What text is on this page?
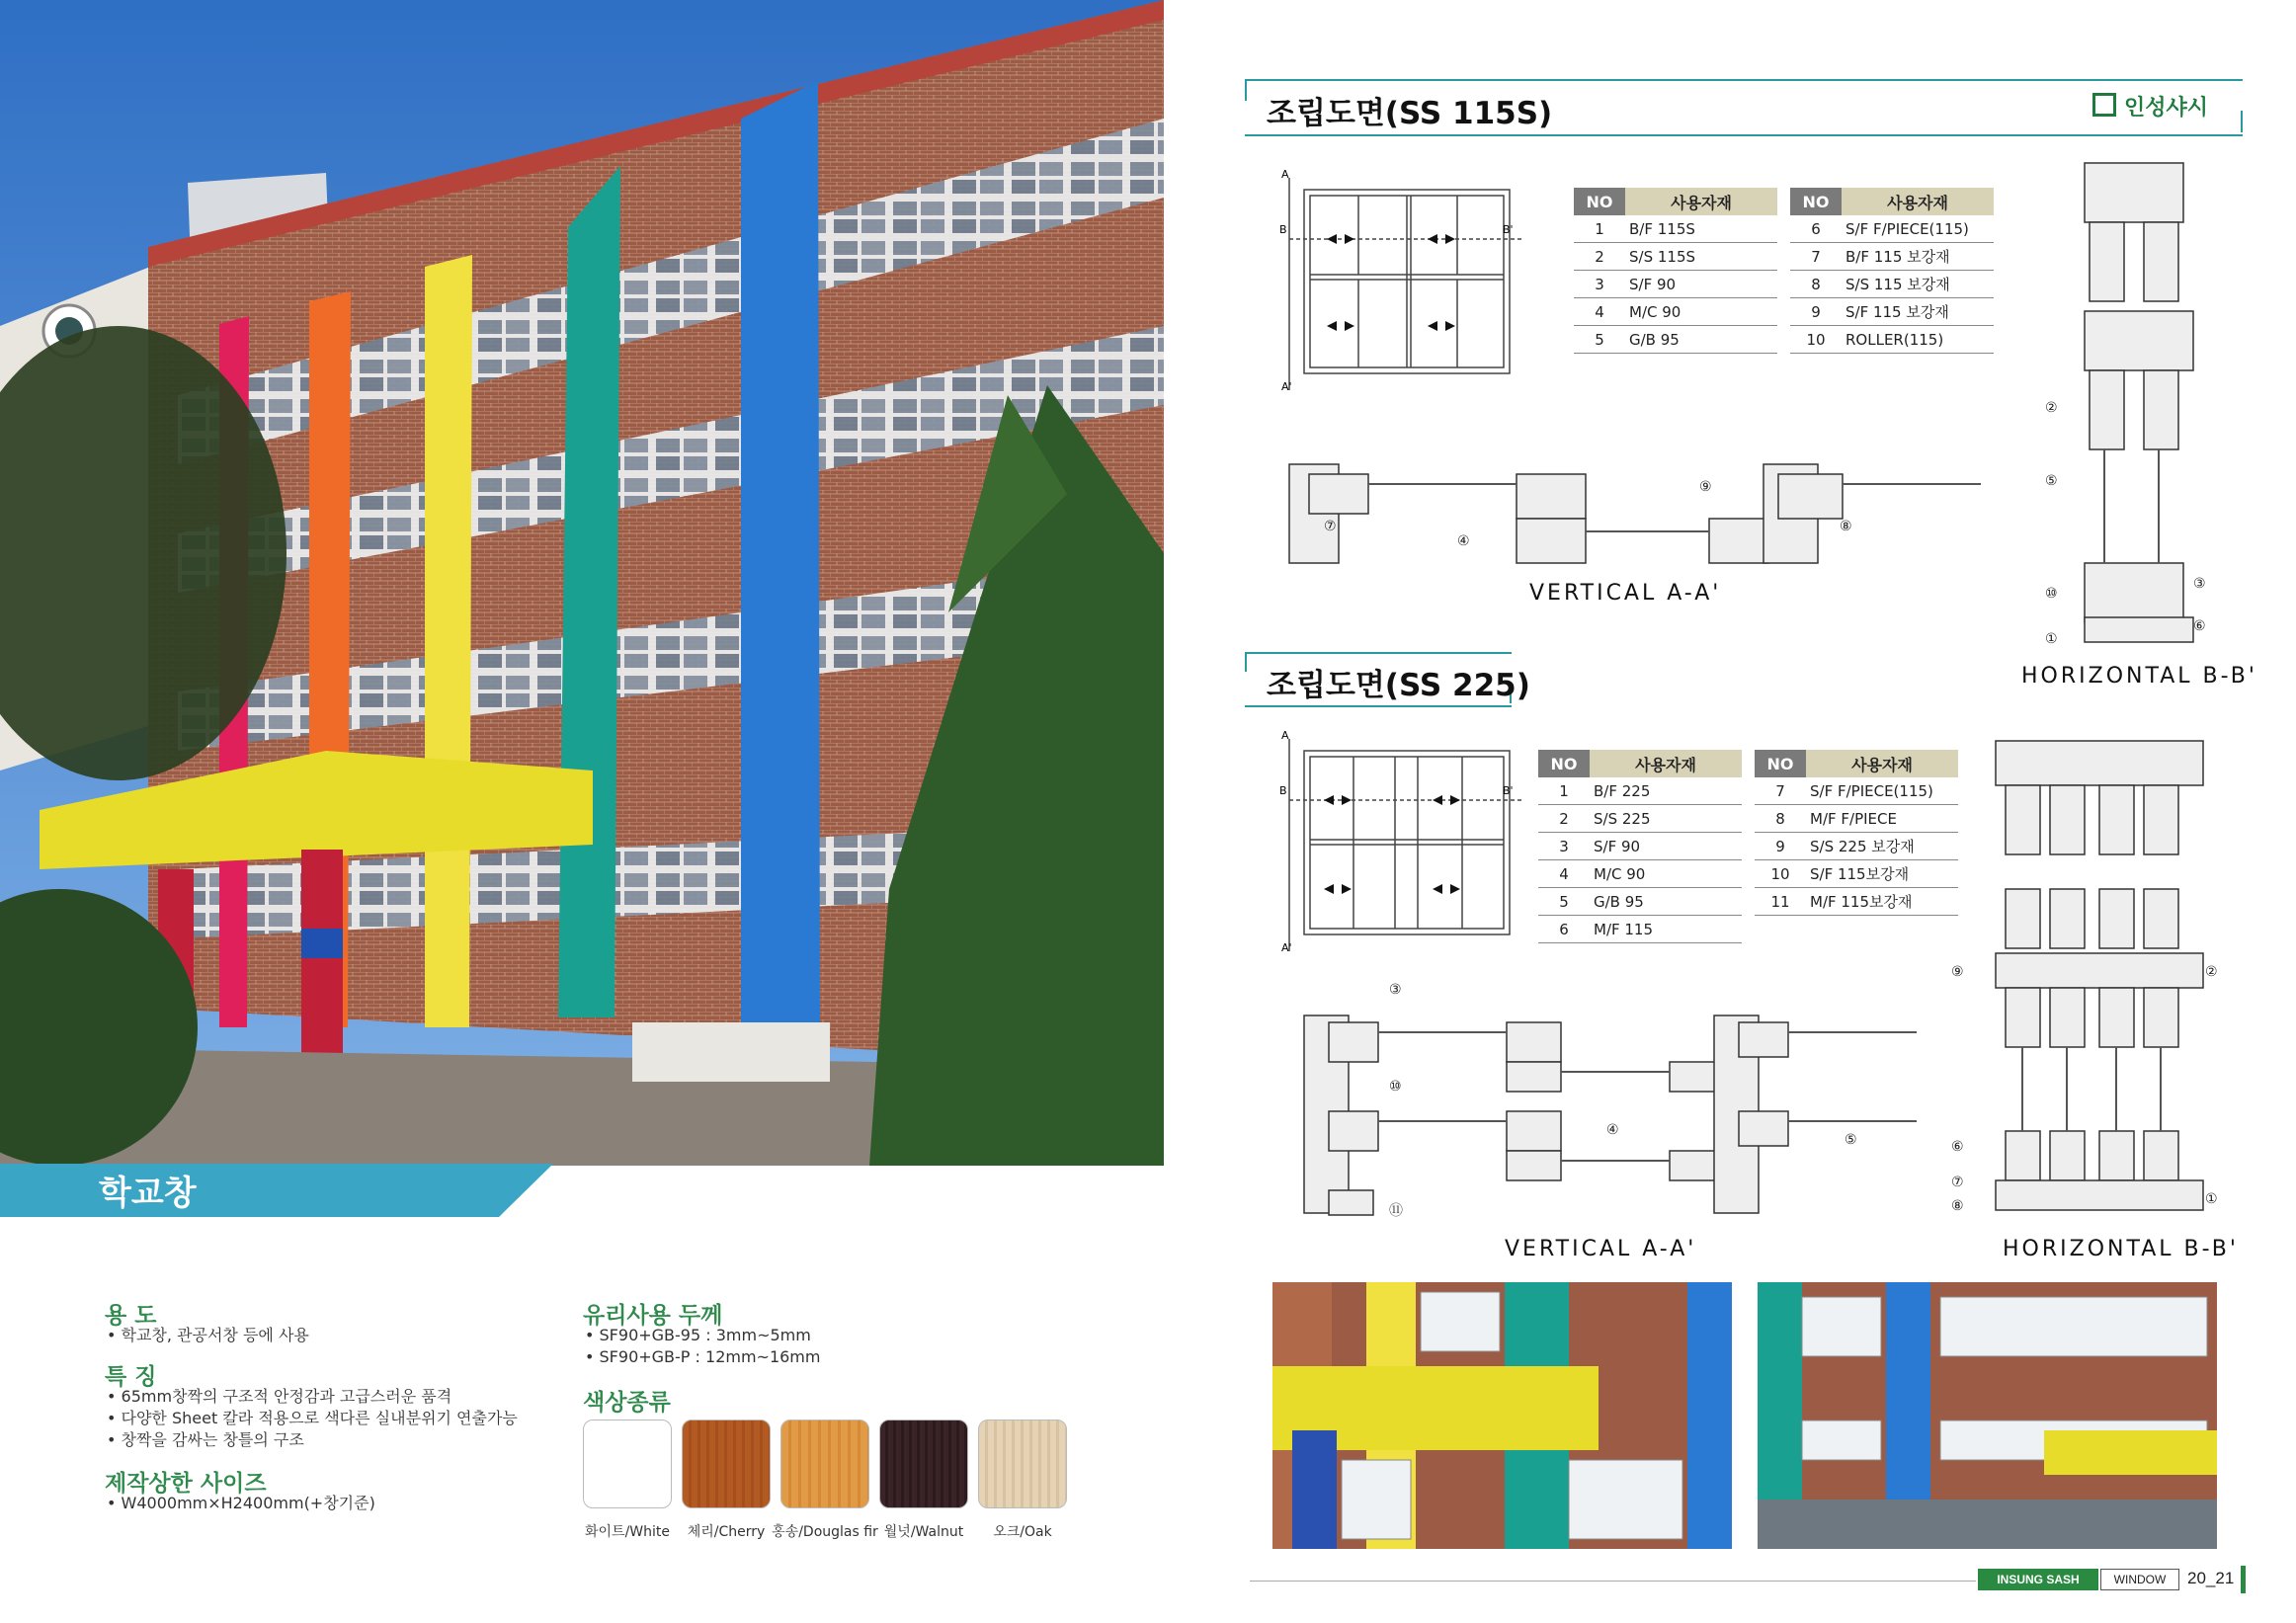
학교창
용 도
• 학교창, 관공서창 등에 사용
특 징
• 65mm창짝의 구조적 안정감과 고급스러운 품격
• 다양한 Sheet 칼라 적용으로 색다른 실내분위기 연출가능
• 창짝을 감싸는 창틀의 구조
제작상한 사이즈
• W4000mm×H2400mm(+창기준)
유리사용 두께
• SF90+GB-95 : 3mm~5mm
• SF90+GB-P : 12mm~16mm
색상종류
화이트/White	체리/Cherry 홍송/Douglas fir 월넛/Walnut	오크/Oak
조립도면(SS 115S)	인성샤시
A
B	B'
A'
NO	사용자재
1	B/F 115S
2	S/S 115S
3	S/F 90
4	M/C 90
5	G/B 95
NO	사용자재
6	S/F F/PIECE(115)
7	B/F 115 보강재
8	S/S 115 보강재
9	S/F 115 보강재
10	ROLLER(115)
⑦
④
⑨
⑧
VERTICAL A-A'
②
⑤
③
⑩
⑥
①
HORIZONTAL B-B'
조립도면(SS 225)
A
B	B'
A'
NO	사용자재
1	B/F 225
2	S/S 225
3	S/F 90
4	M/C 90
5	G/B 95
6	M/F 115
NO	사용자재
7	S/F F/PIECE(115)
8	M/F F/PIECE
9	S/S 225 보강재
10	S/F 115보강재
11	M/F 115보강재
③
⑩
④
⑤
⑪
VERTICAL A-A'
⑨	②
⑥
⑦
①
⑧
HORIZONTAL B-B'
INSUNG SASH	WINDOW	20_21
